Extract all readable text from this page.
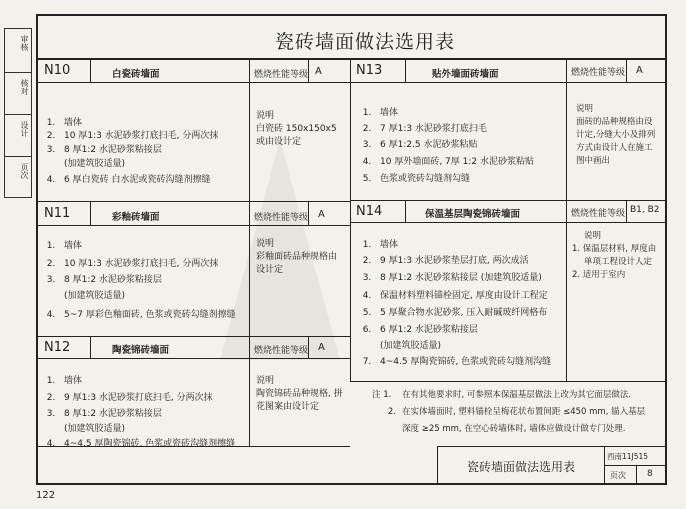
审核
核对
设计
页次
瓷砖墙面做法选用表
N10	白瓷砖墙面	燃烧性能等级 A
1. 墙体
2. 10 厚1:3 水泥砂浆打底扫毛, 分两次抹
3. 8 厚1:2 水泥砂浆粘接层
(加建筑胶适量)
4. 6 厚白瓷砖 白水泥或瓷砖沟缝剂擦缝
说明
白瓷砖 150x150x5
或由设计定
N13	贴外墙面砖墙面	燃烧性能等级 A
1. 墙体
2. 7 厚1:3 水泥砂浆打底扫毛
3. 6 厚1:2.5 水泥砂浆粘贴
4. 10 厚外墙面砖, 7厚 1:2 水泥砂浆粘贴
5. 色浆或瓷砖勾缝剂勾缝
说明
面砖的品种规格由设
计定,分缝大小及排列
方式由设计人在施工
图中画出
N11	彩釉砖墙面	燃烧性能等级 A
1. 墙体
2. 10 厚1:3 水泥砂浆打底扫毛, 分两次抹
3. 8 厚1:2 水泥砂浆粘接层
(加建筑胶适量)
4. 5~7 厚彩色釉面砖, 色浆或瓷砖勾缝剂擦缝
说明
彩釉面砖品种规格由
设计定
N14	保温基层陶瓷锦砖墙面	燃烧性能等级 B1, B2
1. 墙体
2. 9 厚1:3 水泥砂浆垫层打底, 两次成活
3. 8 厚1:2 水泥砂浆粘接层 (加建筑胶适量)
4. 保温材料塑料锚栓固定, 厚度由设计工程定
5. 5 厚聚合物水泥砂浆, 压入耐碱玻纤网格布
6. 6 厚1:2 水泥砂浆粘接层
(加建筑胶适量)
7. 4~4.5 厚陶瓷锦砖, 色浆或瓷砖勾缝剂沟缝
说明
1. 保温层材料, 厚度由
单项工程设计人定
2. 适用于室内
N12	陶瓷锦砖墙面	燃烧性能等级 A
1. 墙体
2. 9 厚1:3 水泥砂浆打底扫毛, 分两次抹
3. 8 厚1:2 水泥砂浆粘接层
(加建筑胶适量)
4. 4~4.5 厚陶瓷锦砖, 色浆或瓷砖沟缝剂擦缝
说明
陶瓷锦砖品种规格, 拼
花图案由设计定
注 1. 在有其他要求时, 可参照本保温基层做法上改为其它面层做法.
2. 在实体墙面时, 塑料锚栓呈梅花状布置间距 ≤450 mm, 锚入基层
深度 ≥25 mm, 在空心砖墙体时, 墙体应做设计做专门处理.
瓷砖墙面做法选用表
西南11J515
页次 8
122
